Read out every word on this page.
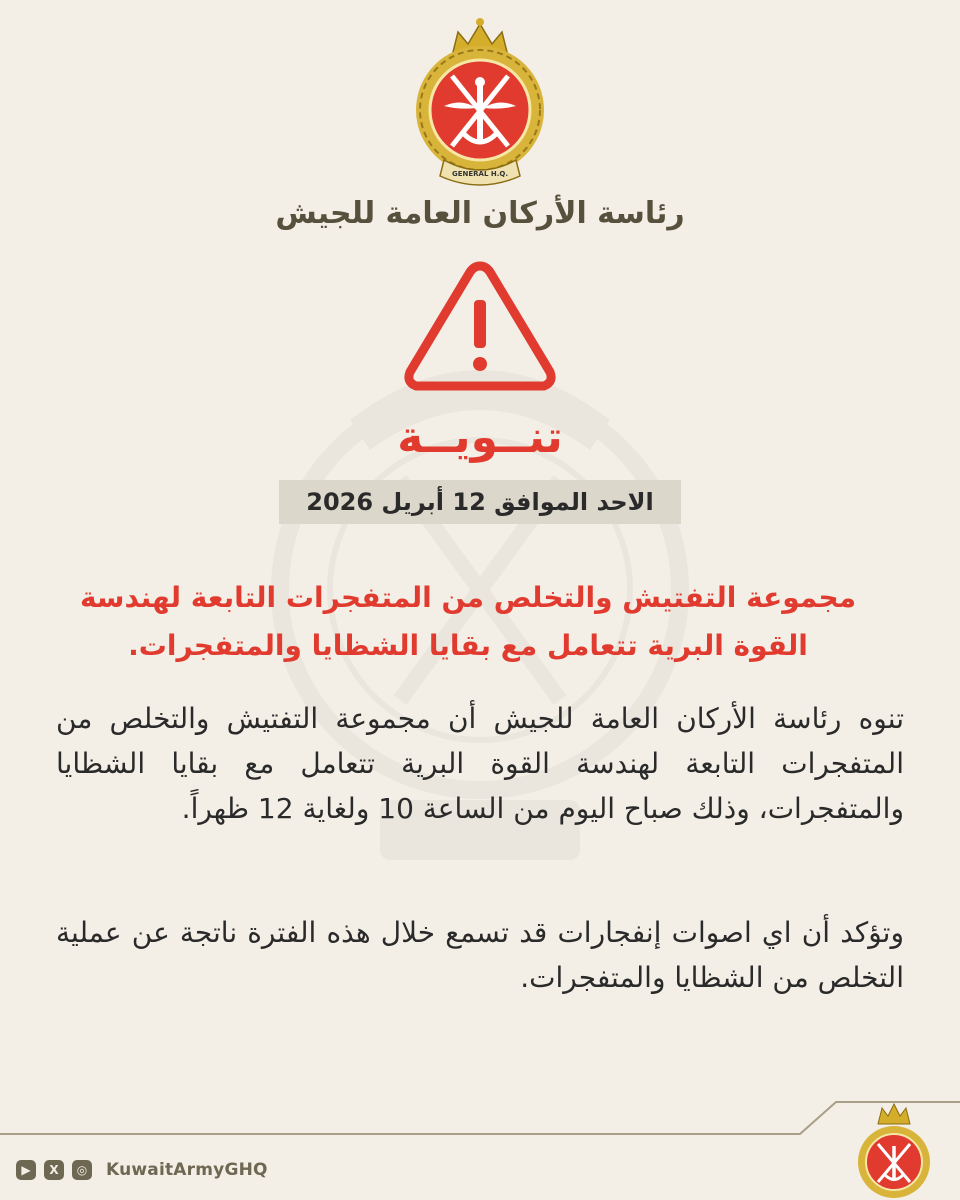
GENERAL H.Q.
رئاسة الأركان العامة للجيش
تنــويــة
الاحد الموافق 12 أبريل 2026
مجموعة التفتيش والتخلص من المتفجرات التابعة لهندسة القوة البرية تتعامل مع بقايا الشظايا والمتفجرات.
تنوه رئاسة الأركان العامة للجيش أن مجموعة التفتيش والتخلص من المتفجرات التابعة لهندسة القوة البرية تتعامل مع بقايا الشظايا والمتفجرات، وذلك صباح اليوم من الساعة 10 ولغاية 12 ظهراً.
وتؤكد أن اي اصوات إنفجارات قد تسمع خلال هذه الفترة ناتجة عن عملية التخلص من الشظايا والمتفجرات.
▶	X	◎ KuwaitArmyGHQ
